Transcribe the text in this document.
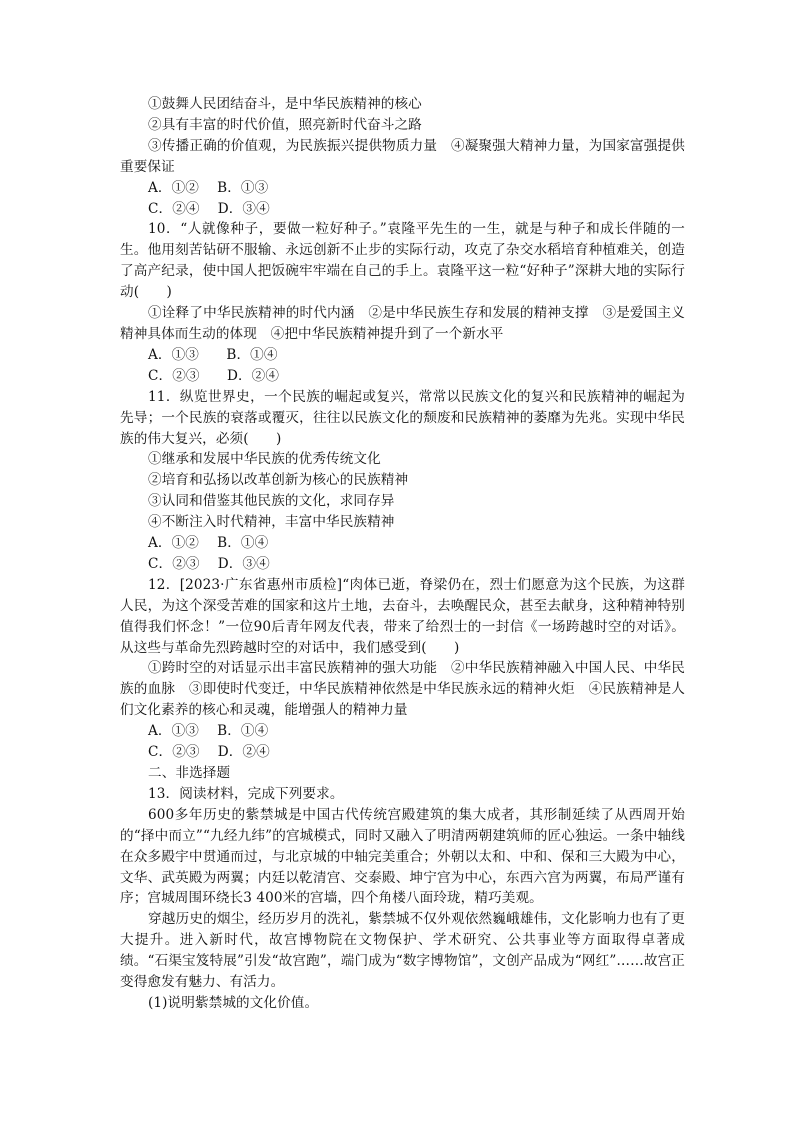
①鼓舞人民团结奋斗，是中华民族精神的核心

②具有丰富的时代价值，照亮新时代奋斗之路

③传播正确的价值观，为民族振兴提供物质力量　④凝聚强大精神力量，为国家富强提供重要保证

A．①②　 B．①③

C．②④　 D．③④

10．“人就像种子，要做一粒好种子。”袁隆平先生的一生，就是与种子和成长伴随的一生。他用刻苦钻研不服输、永远创新不止步的实际行动，攻克了杂交水稻培育种植难关，创造了高产纪录，使中国人把饭碗牢牢端在自己的手上。袁隆平这一粒“好种子”深耕大地的实际行动(　　)

①诠释了中华民族精神的时代内涵　②是中华民族生存和发展的精神支撑　③是爱国主义精神具体而生动的体现　④把中华民族精神提升到了一个新水平

A．①③　　B．①④

C．②③　　D．②④

11．纵览世界史，一个民族的崛起或复兴，常常以民族文化的复兴和民族精神的崛起为先导；一个民族的衰落或覆灭，往往以民族文化的颓废和民族精神的萎靡为先兆。实现中华民族的伟大复兴，必须(　　)

①继承和发展中华民族的优秀传统文化

②培育和弘扬以改革创新为核心的民族精神

③认同和借鉴其他民族的文化，求同存异

④不断注入时代精神，丰富中华民族精神

A．①②　 B．①④

C．②③　 D．③④

12．[2023·广东省惠州市质检]“肉体已逝，脊梁仍在，烈士们愿意为这个民族，为这群人民，为这个深受苦难的国家和这片土地，去奋斗，去唤醒民众，甚至去献身，这种精神特别值得我们怀念！”一位90后青年网友代表，带来了给烈士的一封信《一场跨越时空的对话》。从这些与革命先烈跨越时空的对话中，我们感受到(　　)

①跨时空的对话显示出丰富民族精神的强大功能　②中华民族精神融入中国人民、中华民族的血脉　③即使时代变迁，中华民族精神依然是中华民族永远的精神火炬　④民族精神是人们文化素养的核心和灵魂，能增强人的精神力量

A．①③　 B．①④

C．②③　 D．②④

二、非选择题

13．阅读材料，完成下列要求。

600多年历史的紫禁城是中国古代传统宫殿建筑的集大成者，其形制延续了从西周开始的“择中而立”“九经九纬”的宫城模式，同时又融入了明清两朝建筑师的匠心独运。一条中轴线在众多殿宇中贯通而过，与北京城的中轴完美重合；外朝以太和、中和、保和三大殿为中心，文华、武英殿为两翼；内廷以乾清宫、交泰殿、坤宁宫为中心，东西六宫为两翼，布局严谨有序；宫城周围环绕长3 400米的宫墙，四个角楼八面玲珑，精巧美观。

穿越历史的烟尘，经历岁月的洗礼，紫禁城不仅外观依然巍峨雄伟，文化影响力也有了更大提升。进入新时代，故宫博物院在文物保护、学术研究、公共事业等方面取得卓著成绩。“石渠宝笈特展”引发“故宫跑”，端门成为“数字博物馆”，文创产品成为“网红”……故宫正变得愈发有魅力、有活力。

(1)说明紫禁城的文化价值。
